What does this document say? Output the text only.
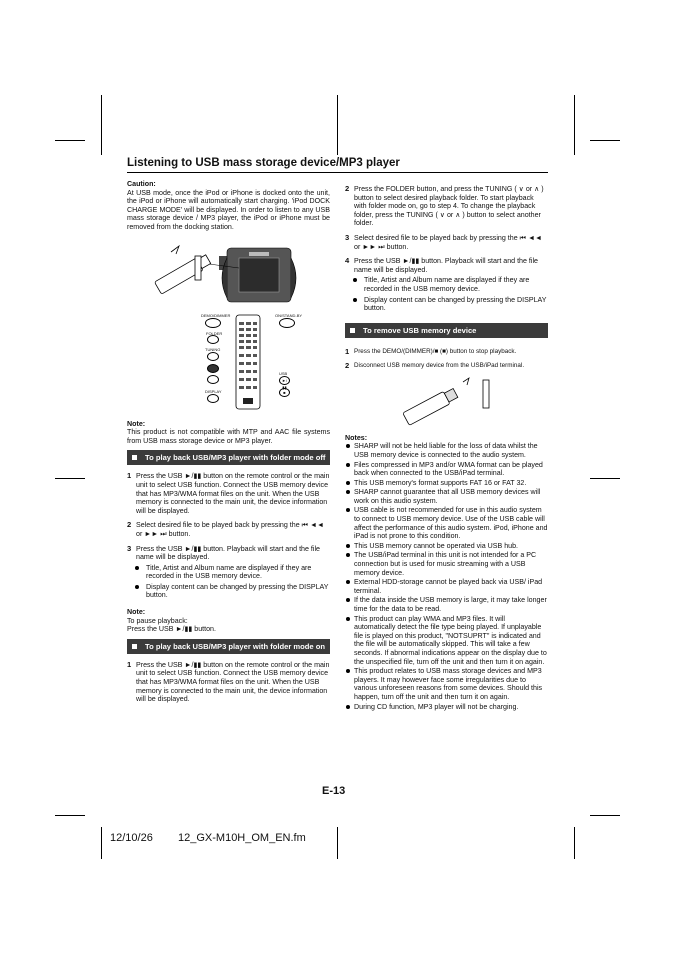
Listening to USB mass storage device/MP3 player

Caution:

At USB mode, once the iPod or iPhone is docked onto the unit, the iPod or iPhone will automatically start charging. 'iPod DOCK CHARGE MODE' will be displayed. In order to listen to any USB mass storage device / MP3 player, the iPod or iPhone must be removed from the docking station.

DEMO/DIMMER	ON/STAND-BY
FOLDER
TUNING
DISPLAY
USB
►/▮▮
■

Note:

This product is not compatible with MTP and AAC file systems from USB mass storage device or MP3 player.

To play back USB/MP3 player with folder mode off
1 Press the USB ►/▮▮ button on the remote control or the main unit to select USB function. Connect the USB memory device that has MP3/WMA format files on the unit. When the USB memory is connected to the main unit, the device information will be displayed.
2 Select desired file to be played back by pressing the ⏮ ◄◄ or ►► ⏭ button.
3 Press the USB ►/▮▮ button. Playback will start and the file name will be displayed.
Title, Artist and Album name are displayed if they are recorded in the USB memory device.
Display content can be changed by pressing the DISPLAY button.

Note:

To pause playback:

Press the USB ►/▮▮ button.

To play back USB/MP3 player with folder mode on
1 Press the USB ►/▮▮ button on the remote control or the main unit to select USB function. Connect the USB memory device that has MP3/WMA format files on the unit. When the USB memory is connected to the main unit, the device information will be displayed.
2 Press the FOLDER button, and press the TUNING ( ∨ or ∧ ) button to select desired playback folder. To start playback with folder mode on, go to step 4. To change the playback folder, press the TUNING ( ∨ or ∧ ) button to select another folder.
3 Select desired file to be played back by pressing the ⏮ ◄◄ or ►► ⏭ button.
4 Press the USB ►/▮▮ button. Playback will start and the file name will be displayed.
Title, Artist and Album name are displayed if they are recorded in the USB memory device.
Display content can be changed by pressing the DISPLAY button.
To remove USB memory device
1 Press the DEMO/(DIMMER)/■ (■) button to stop playback.
2 Disconnect USB memory device from the USB/iPad terminal.

Notes:

SHARP will not be held liable for the loss of data whilst the USB memory device is connected to the audio system.
Files compressed in MP3 and/or WMA format can be played back when connected to the USB/iPad terminal.
This USB memory's format supports FAT 16 or FAT 32.
SHARP cannot guarantee that all USB memory devices will work on this audio system.
USB cable is not recommended for use in this audio system to connect to USB memory device. Use of the USB cable will affect the performance of this audio system. iPod, iPhone and iPad is not prone to this condition.
This USB memory cannot be operated via USB hub.
The USB/iPad terminal in this unit is not intended for a PC connection but is used for music streaming with a USB memory device.
External HDD-storage cannot be played back via USB/ iPad terminal.
If the data inside the USB memory is large, it may take longer time for the data to be read.
This product can play WMA and MP3 files. It will automatically detect the file type being played. If unplayable file is played on this product, "NOTSUPRT" is indicated and the file will be automatically skipped. This will take a few seconds. If abnormal indications appear on the display due to the unspecified file, turn off the unit and then turn it on again.
This product relates to USB mass storage devices and MP3 players. It may however face some irregularities due to various unforeseen reasons from some devices. Should this happen, turn off the unit and then turn it on again.
During CD function, MP3 player will not be charging.
E-13
12/10/26 12_GX-M10H_OM_EN.fm
